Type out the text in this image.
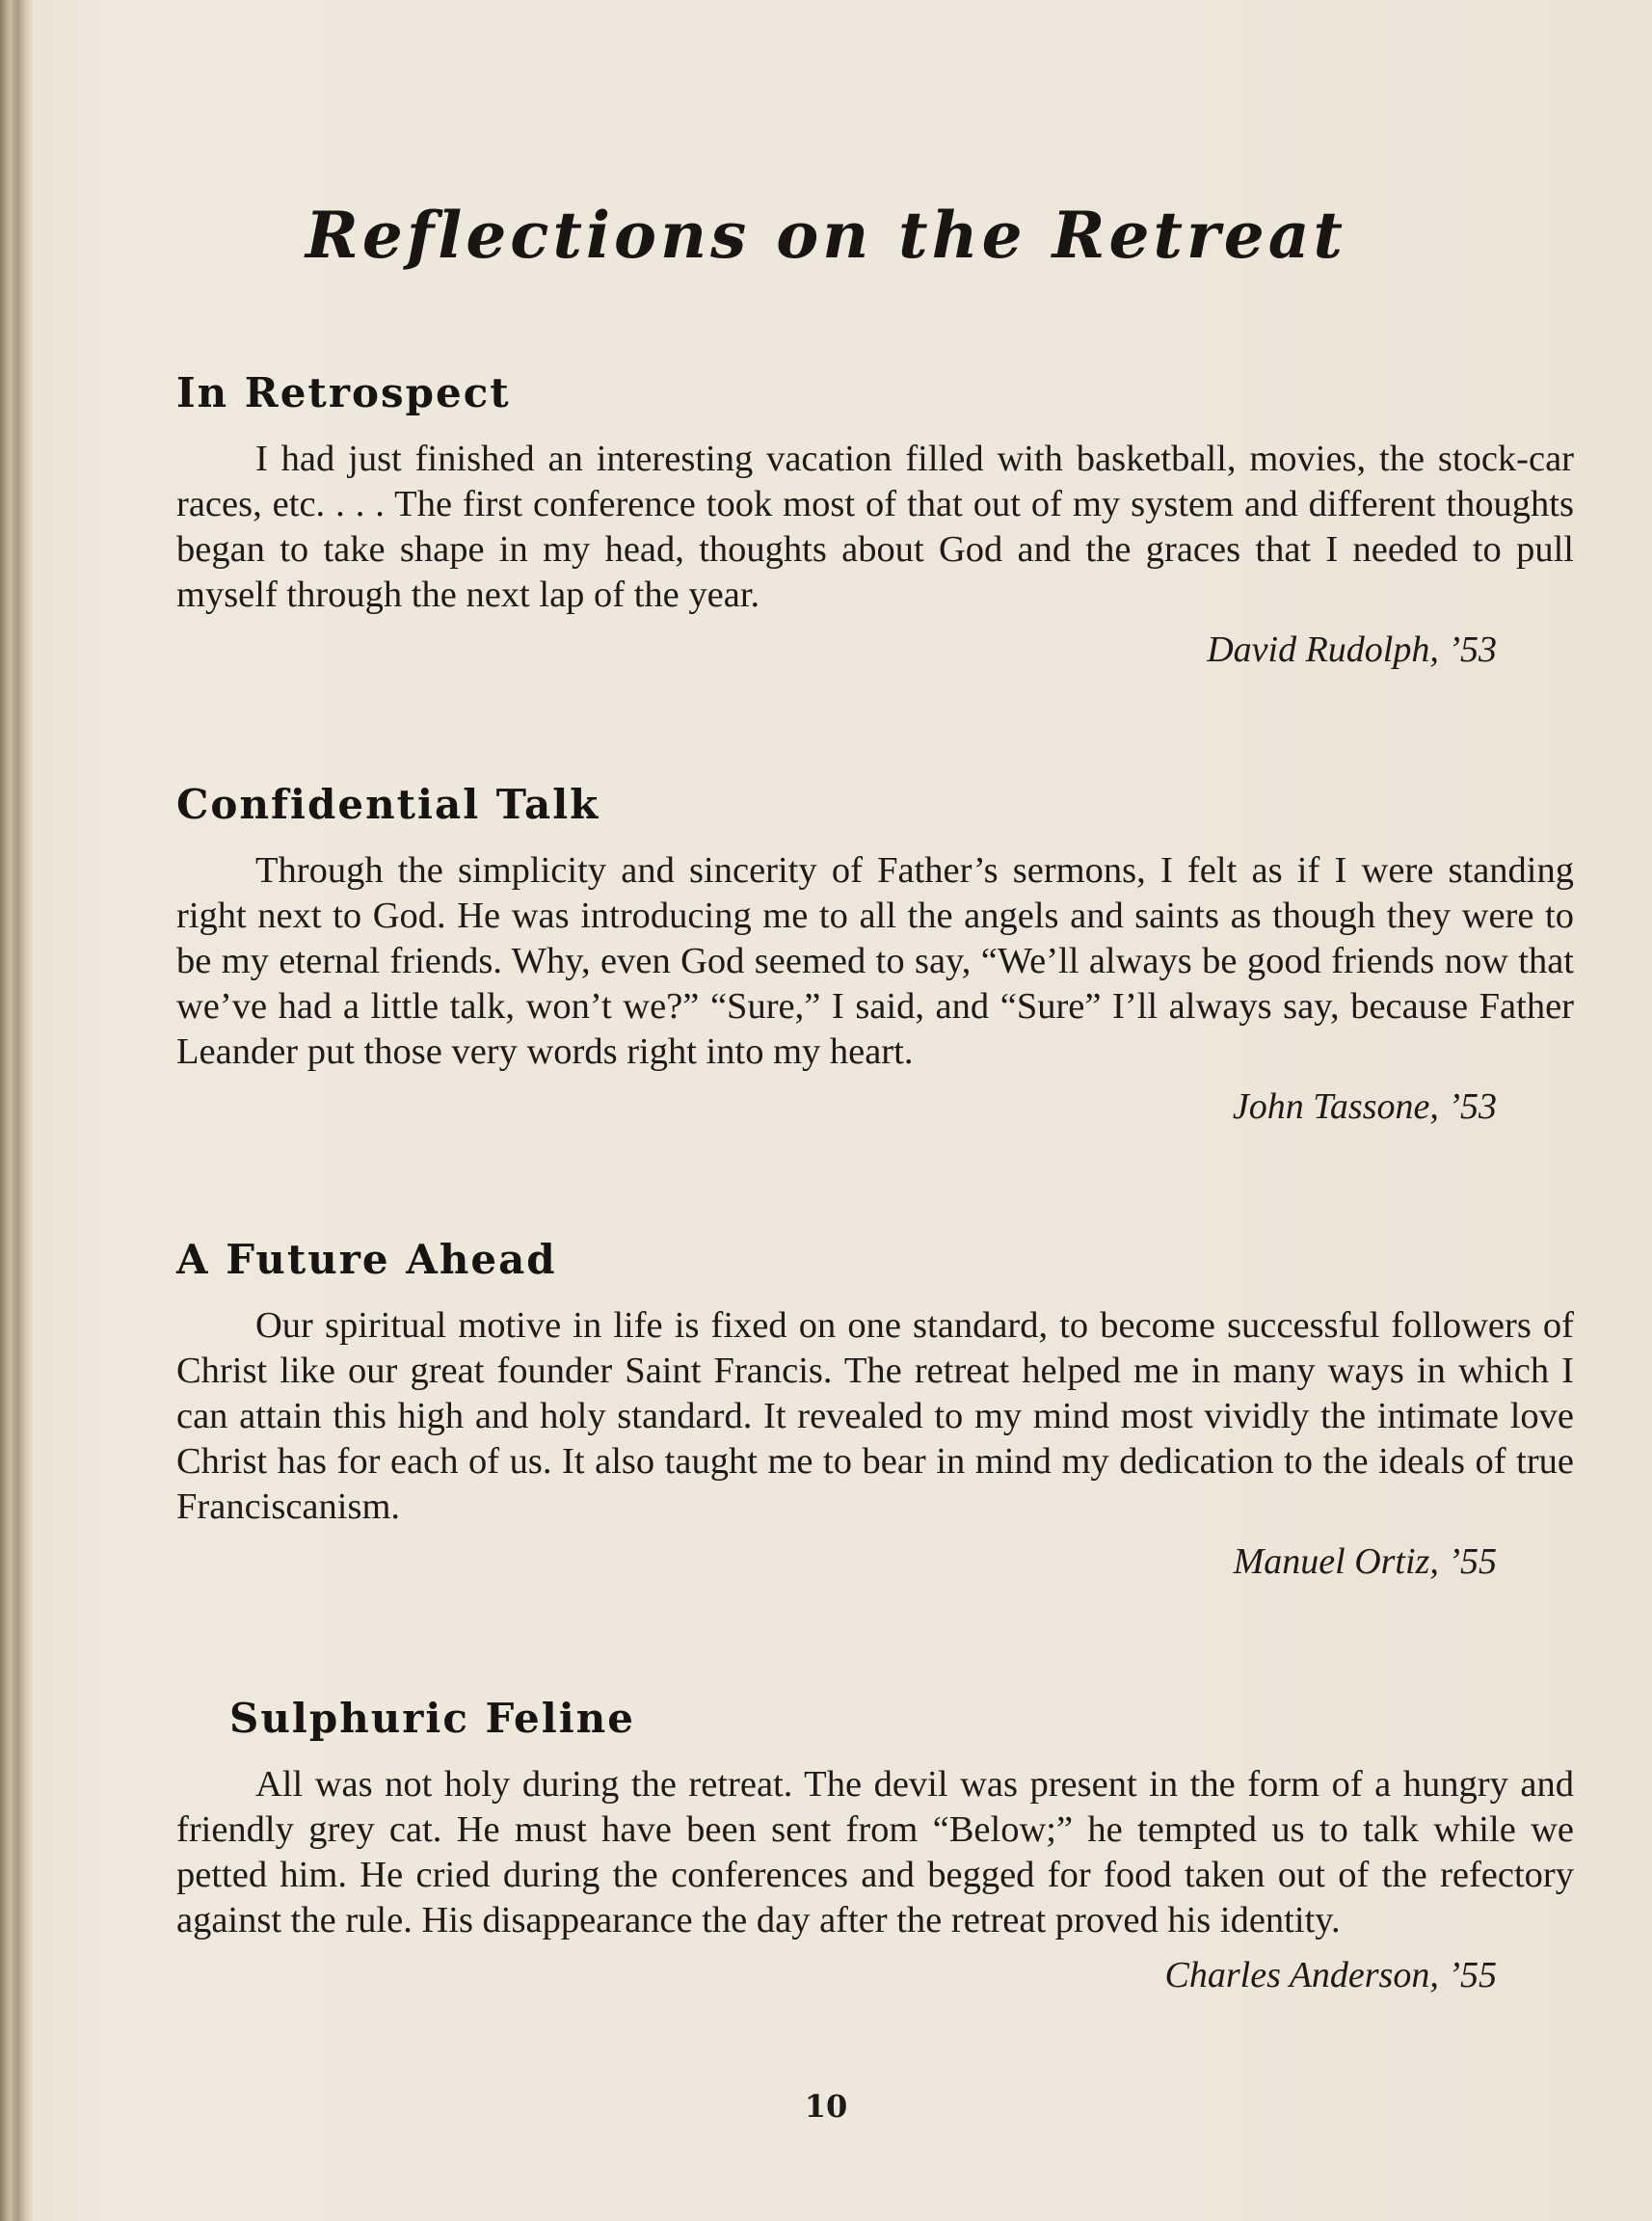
Reflections on the Retreat
In Retrospect

I had just finished an interesting vacation filled with basketball, movies, the stock-car races, etc. . . . The first conference took most of that out of my system and different thoughts began to take shape in my head, thoughts about God and the graces that I needed to pull myself through the next lap of the year.

David Rudolph, ’53

Confidential Talk

Through the simplicity and sincerity of Father’s sermons, I felt as if I were standing right next to God. He was introducing me to all the angels and saints as though they were to be my eternal friends. Why, even God seemed to say, “We’ll always be good friends now that we’ve had a little talk, won’t we?” “Sure,” I said, and “Sure” I’ll always say, because Father Leander put those very words right into my heart.

John Tassone, ’53

A Future Ahead

Our spiritual motive in life is fixed on one standard, to become successful followers of Christ like our great founder Saint Francis. The retreat helped me in many ways in which I can attain this high and holy standard. It revealed to my mind most vividly the intimate love Christ has for each of us. It also taught me to bear in mind my dedication to the ideals of true Franciscanism.

Manuel Ortiz, ’55

Sulphuric Feline

All was not holy during the retreat. The devil was present in the form of a hungry and friendly grey cat. He must have been sent from “Below;” he tempted us to talk while we petted him. He cried during the conferences and begged for food taken out of the refectory against the rule. His disappearance the day after the retreat proved his identity.

Charles Anderson, ’55

10
